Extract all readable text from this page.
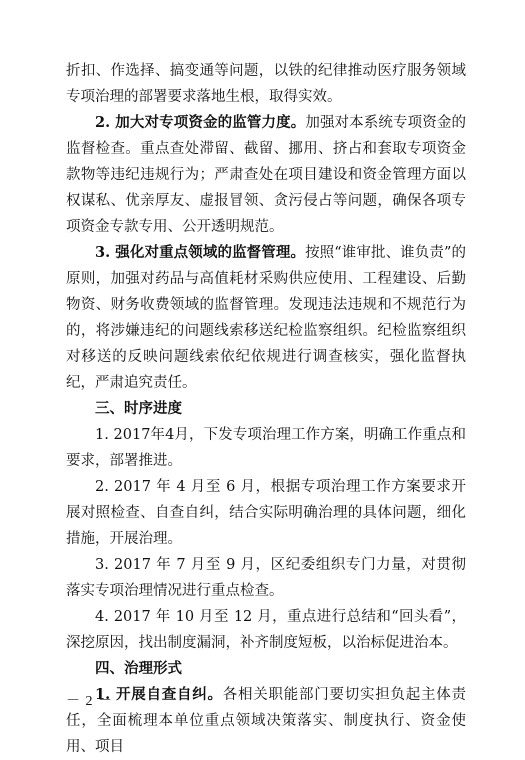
折扣、作选择、搞变通等问题，以铁的纪律推动医疗服务领域专项治理的部署要求落地生根，取得实效。

2. 加大对专项资金的监管力度。加强对本系统专项资金的监督检查。重点查处滞留、截留、挪用、挤占和套取专项资金款物等违纪违规行为；严肃查处在项目建设和资金管理方面以权谋私、优亲厚友、虚报冒领、贪污侵占等问题，确保各项专项资金专款专用、公开透明规范。

3. 强化对重点领域的监督管理。按照“谁审批、谁负责”的原则，加强对药品与高值耗材采购供应使用、工程建设、后勤物资、财务收费领域的监督管理。发现违法违规和不规范行为的，将涉嫌违纪的问题线索移送纪检监察组织。纪检监察组织对移送的反映问题线索依纪依规进行调查核实，强化监督执纪，严肃追究责任。

三、时序进度

1. 2017年4月，下发专项治理工作方案，明确工作重点和要求，部署推进。

2. 2017 年 4 月至 6 月，根据专项治理工作方案要求开展对照检查、自查自纠，结合实际明确治理的具体问题，细化措施，开展治理。

3. 2017 年 7 月至 9 月，区纪委组织专门力量，对贯彻落实专项治理情况进行重点检查。

4. 2017 年 10 月至 12 月，重点进行总结和“回头看”，深挖原因，找出制度漏洞，补齐制度短板，以治标促进治本。

四、治理形式

1. 开展自查自纠。各相关职能部门要切实担负起主体责任，全面梳理本单位重点领域决策落实、制度执行、资金使用、项目

－ 2 －
